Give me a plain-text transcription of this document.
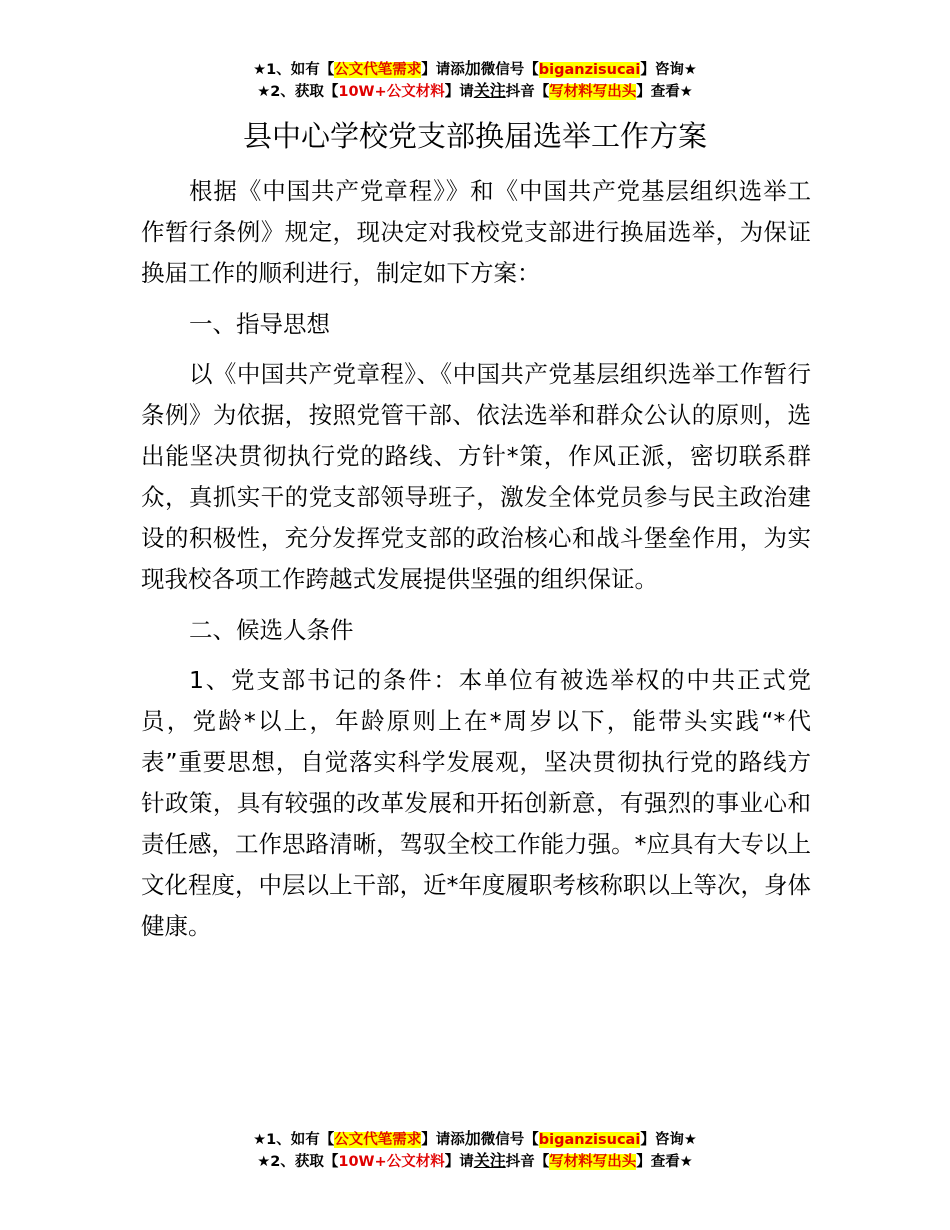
★1、如有【公文代笔需求】请添加微信号【biganzisucai】咨询★
★2、获取【10W+公文材料】请关注抖音【写材料写出头】查看★
县中心学校党支部换届选举工作方案

根据《中国共产党章程》》和《中国共产党基层组织选举工作暂行条例》规定，现决定对我校党支部进行换届选举，为保证换届工作的顺利进行，制定如下方案：

一、指导思想

以《中国共产党章程》、《中国共产党基层组织选举工作暂行条例》为依据，按照党管干部、依法选举和群众公认的原则，选出能坚决贯彻执行党的路线、方针*策，作风正派，密切联系群众，真抓实干的党支部领导班子，激发全体党员参与民主政治建设的积极性，充分发挥党支部的政治核心和战斗堡垒作用，为实现我校各项工作跨越式发展提供坚强的组织保证。

二、候选人条件

1、党支部书记的条件：本单位有被选举权的中共正式党员，党龄*以上，年龄原则上在*周岁以下，能带头实践“*代表”重要思想，自觉落实科学发展观，坚决贯彻执行党的路线方针政策，具有较强的改革发展和开拓创新意，有强烈的事业心和责任感，工作思路清晰，驾驭全校工作能力强。*应具有大专以上文化程度，中层以上干部，近*年度履职考核称职以上等次，身体健康。

★1、如有【公文代笔需求】请添加微信号【biganzisucai】咨询★
★2、获取【10W+公文材料】请关注抖音【写材料写出头】查看★
